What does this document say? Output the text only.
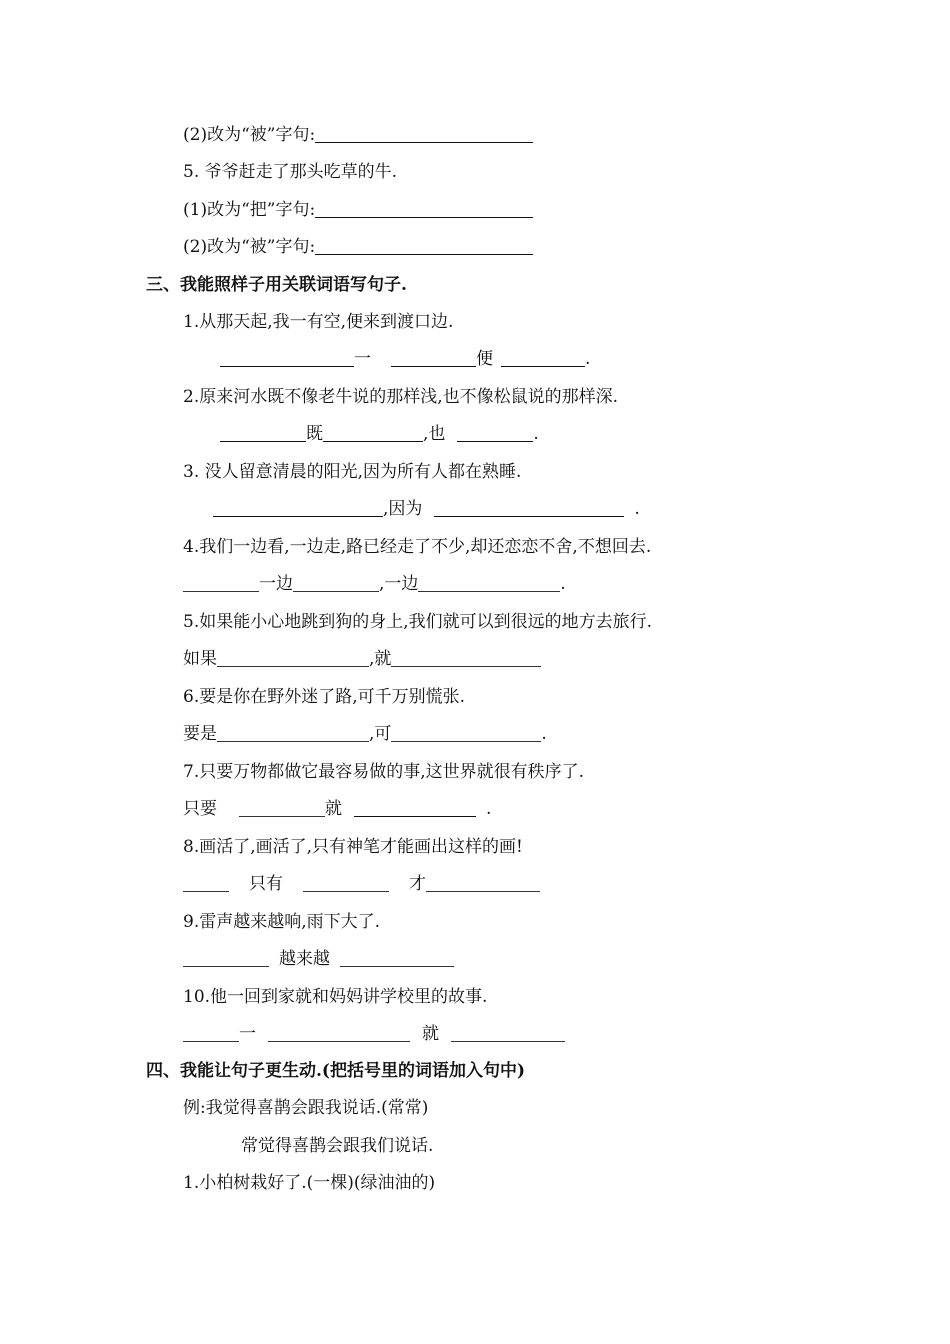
(2)改为“被”字句:
5. 爷爷赶走了那头吃草的牛.
(1)改为“把”字句:
(2)改为“被”字句:
三、我能照样子用关联词语写句子.
1.从那天起,我一有空,便来到渡口边.
一	便	.
2.原来河水既不像老牛说的那样浅,也不像松鼠说的那样深.
既	,也	.
3. 没人留意清晨的阳光,因为所有人都在熟睡.
,因为	.
4.我们一边看,一边走,路已经走了不少,却还恋恋不舍,不想回去.
一边	,一边	.
5.如果能小心地跳到狗的身上,我们就可以到很远的地方去旅行.
如果	,就
6.要是你在野外迷了路,可千万别慌张.
要是	,可	.
7.只要万物都做它最容易做的事,这世界就很有秩序了.
只要	就	.
8.画活了,画活了,只有神笔才能画出这样的画!
只有	才
9.雷声越来越响,雨下大了.
越来越
10.他一回到家就和妈妈讲学校里的故事.
一	就
四、我能让句子更生动.(把括号里的词语加入句中)
例:我觉得喜鹊会跟我说话.(常常)
常觉得喜鹊会跟我们说话.
1.小柏树栽好了.(一棵)(绿油油的)
